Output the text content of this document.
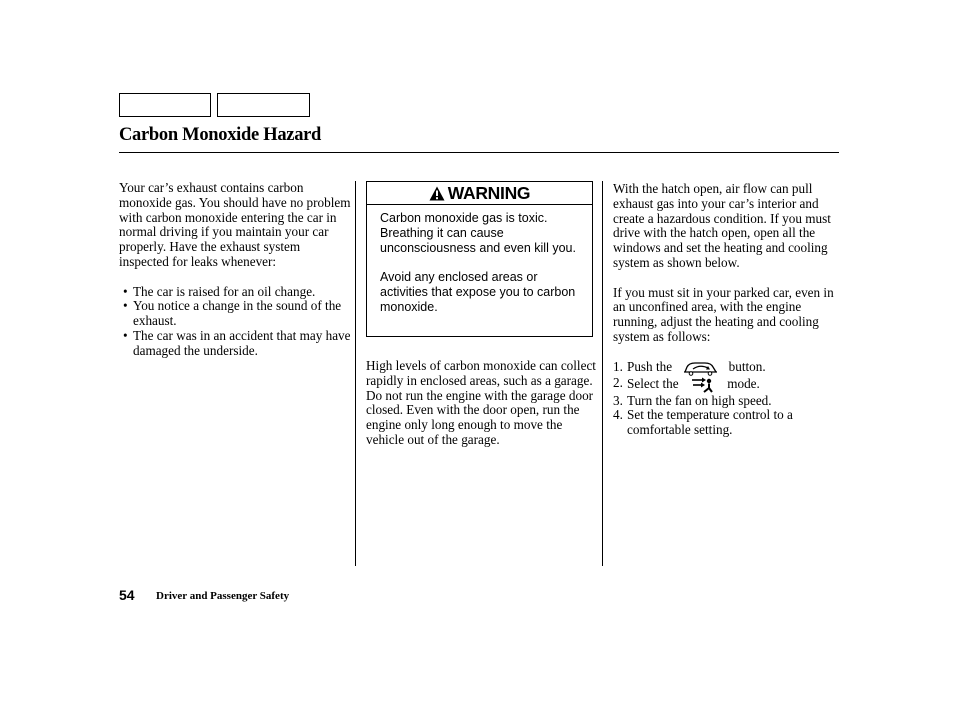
Carbon Monoxide Hazard

Your car’s exhaust contains carbon monoxide gas. You should have no problem with carbon monoxide entering the car in normal driving if you maintain your car properly. Have the exhaust system inspected for leaks whenever:

• The car is raised for an oil change.
• You notice a change in the sound of the exhaust.
• The car was in an accident that may have damaged the underside.
WARNING

Carbon monoxide gas is toxic. Breathing it can cause unconsciousness and even kill you.

Avoid any enclosed areas or activities that expose you to carbon monoxide.

High levels of carbon monoxide can collect rapidly in enclosed areas, such as a garage. Do not run the engine with the garage door closed. Even with the door open, run the engine only long enough to move the vehicle out of the garage.

With the hatch open, air flow can pull exhaust gas into your car’s interior and create a hazardous condition. If you must drive with the hatch open, open all the windows and set the heating and cooling system as shown below.

If you must sit in your parked car, even in an unconfined area, with the engine running, adjust the heating and cooling system as follows:

1. Push the	button.
2. Select the	mode.
3. Turn the fan on high speed.
4. Set the temperature control to a comfortable setting.
54 Driver and Passenger Safety
